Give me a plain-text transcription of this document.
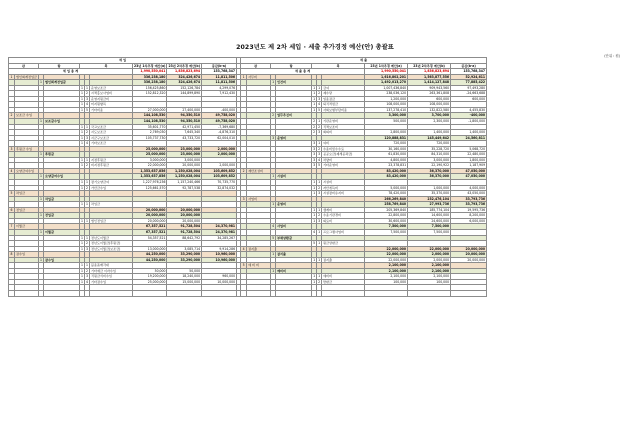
2023년도 제 2차 세입 · 세출 추가경정 예산(안) 총괄표
(단위 : 원)
세 입											세 출									
관		항		목			23년 1차추경 예산(a)	23년 2차추경 예산(b)	증감(b-a)		관		항		목			23년 1차추경 예산(a)	23년 2차추경 예산(b)	증감(b-a)
세 입 총 계							1,990,550,041	1,836,823,694	153,768,347		세 출 총 계							1,990,550,041	1,836,823,694	153,768,347
1	법인회계전입금						336,238,180	324,426,674	11,811,506		1	사무비						1,616,802,201	1,563,877,556	52,924,611
		1	법인회계전입금				336,238,180	324,426,674	11,811,506				1	인건비				1,492,013,270	1,414,127,848	77,885,422
				1	1	운영보조금	156,425,860	152,126,784	4,299,076						1	1	급여	1,007,436,840	909,943,560	97,493,280
				1	2	시책홍보사업비	152,812,320	144,899,890	7,912,430						1	2	제수당	238,036,120	263,361,808	-24,663,688
				1	3	운영지원금비									1	3	일용잡급	1,200,000	600,000	600,000
				1	4	미지원항목									1	4	퇴직적립금	108,000,000	108,000,000	
				1	5	기타비용	27,000,000	27,400,000	-400,000						1	5	사회보험부담비용	137,278,410	132,822,580	4,455,830
2	보조금 수입						144,108,530	94,350,510	49,758,020				2	업무추진비				3,300,000	3,700,000	-400,000
		1	보조금수입				144,108,530	94,350,510	49,758,020						2	1	기관운영비	500,000	2,300,000	-1,800,000
				1	1	국고보조금	35,601,770	42,971,450	-7,369,680						2	2	직책보조비			
				1	2	시도보조금	2,769,030	7,645,340	-4,876,310						2	3	회의비	2,800,000	1,400,000	1,400,000
				1	3	시군구보조금	105,737,730	43,733,720	62,004,010				3	운영비				120,888,831	145,449,642	24,560,811
				1	4	기타보조금									3	1	여비	720,000	720,000	
3	후원금 수입						25,000,000	23,000,000	2,000,000						3	2	수용비및수수료	30,160,000	35,228,720	5,068,720
		1	후원금				25,000,000	23,000,000	2,000,000						3	3	공공요금(제세공과금)	61,830,000	84,310,000	22,480,000
				1	1	지정후원금	3,000,000	3,000,000							3	4	차량비	4,800,000	3,000,000	1,800,000
				1	2	비지정후원금	22,000,000	20,000,000	2,000,000						3	5	기타운영비	23,378,831	22,190,922	1,187,909
4	요양급여수입						1,353,637,856	1,250,028,004	103,609,852		2	재산조성비						83,420,000	36,370,000	47,050,000
		1	요양급여수입				1,353,637,856	1,250,028,004	103,609,852				1	시설비				83,420,000	36,370,000	47,050,000
				1	1	장기요양급여	1,227,976,236	1,157,240,466	70,735,770						1	1	시설비			
				1	2	가산금수입	125,661,570	92,787,538	32,874,032						1	2	자산취득비	5,000,000	1,000,000	4,000,000
5	차입금														1	3	시설장비유지비	78,420,000	35,370,000	43,050,000
		1	차입금								3	사업비						266,269,840	232,476,104	33,793,736
				1	1	차입금							1	운영비				258,769,840	27,993,736	33,793,736
6	전입금						20,000,000	20,000,000							1	1	생계비	205,369,840	185,774,104	19,595,736
		1	전입금				20,000,000	20,000,000							1	2	수용기관경비	22,800,000	14,600,000	8,200,000
				1	1	법인전입금	20,000,000	20,000,000							1	3	의료비	30,600,000	24,600,000	6,000,000
7	이월금						67,357,521	91,728,504	24,370,981				4	사업비				7,500,000	7,500,000	
		1	이월금				67,357,521	91,728,504	24,370,981						4	1	프로그램사업비	7,500,000	7,500,000	
				1	1	전년도이월금	54,357,521	88,642,792	34,285,267				5	부채상환금						
				1	2	전년도이월금(후원금)									5	1	원금상환금			
				1	3	전년도이월금(보조금)	13,000,000	3,085,714	9,914,286		4	잡지출						22,000,000	22,000,000	20,000,000
8	잡수입						44,250,000	33,290,000	10,960,000				1	잡지출				22,000,000	2,000,000	20,000,000
		1	잡수입				44,250,000	33,290,000	10,960,000						1	1	잡지출	22,000,000	2,000,000	20,000,000
				1	1	불용품매각대					5	예 비 비						2,100,000	2,100,000	
				1	2	기타예금 이자수입	50,000	50,000					1	예비비				2,100,000	2,100,000	
				1	3	직원급식비수입	19,200,000	18,240,000	960,000						1	1	예비비	2,100,000	2,100,000	
				1	4	기타잡수입	25,000,000	15,000,000	10,000,000						1	2	반환금	100,000	100,000	
